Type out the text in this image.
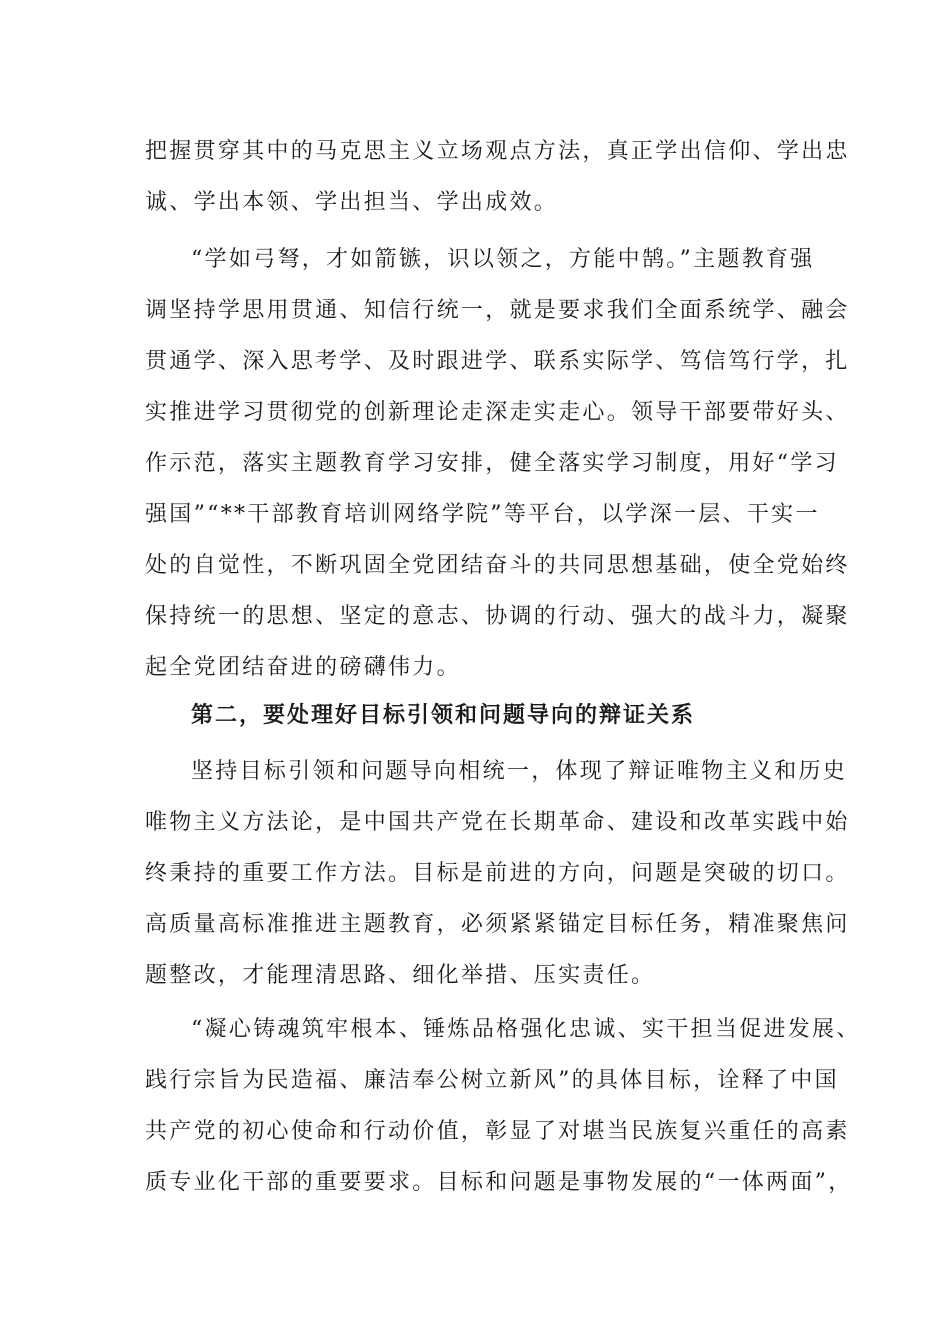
把握贯穿其中的马克思主义立场观点方法，真正学出信仰、学出忠
诚、学出本领、学出担当、学出成效。
“学如弓弩，才如箭镞，识以领之，方能中鹄。”主题教育强
调坚持学思用贯通、知信行统一，就是要求我们全面系统学、融会
贯通学、深入思考学、及时跟进学、联系实际学、笃信笃行学，扎
实推进学习贯彻党的创新理论走深走实走心。领导干部要带好头、
作示范，落实主题教育学习安排，健全落实学习制度，用好“学习
强国”“**干部教育培训网络学院”等平台，以学深一层、干实一
处的自觉性，不断巩固全党团结奋斗的共同思想基础，使全党始终
保持统一的思想、坚定的意志、协调的行动、强大的战斗力，凝聚
起全党团结奋进的磅礴伟力。
第二，要处理好目标引领和问题导向的辩证关系
坚持目标引领和问题导向相统一，体现了辩证唯物主义和历史
唯物主义方法论，是中国共产党在长期革命、建设和改革实践中始
终秉持的重要工作方法。目标是前进的方向，问题是突破的切口。
高质量高标准推进主题教育，必须紧紧锚定目标任务，精准聚焦问
题整改，才能理清思路、细化举措、压实责任。
“凝心铸魂筑牢根本、锤炼品格强化忠诚、实干担当促进发展、
践行宗旨为民造福、廉洁奉公树立新风”的具体目标，诠释了中国
共产党的初心使命和行动价值，彰显了对堪当民族复兴重任的高素
质专业化干部的重要要求。目标和问题是事物发展的“一体两面”，
